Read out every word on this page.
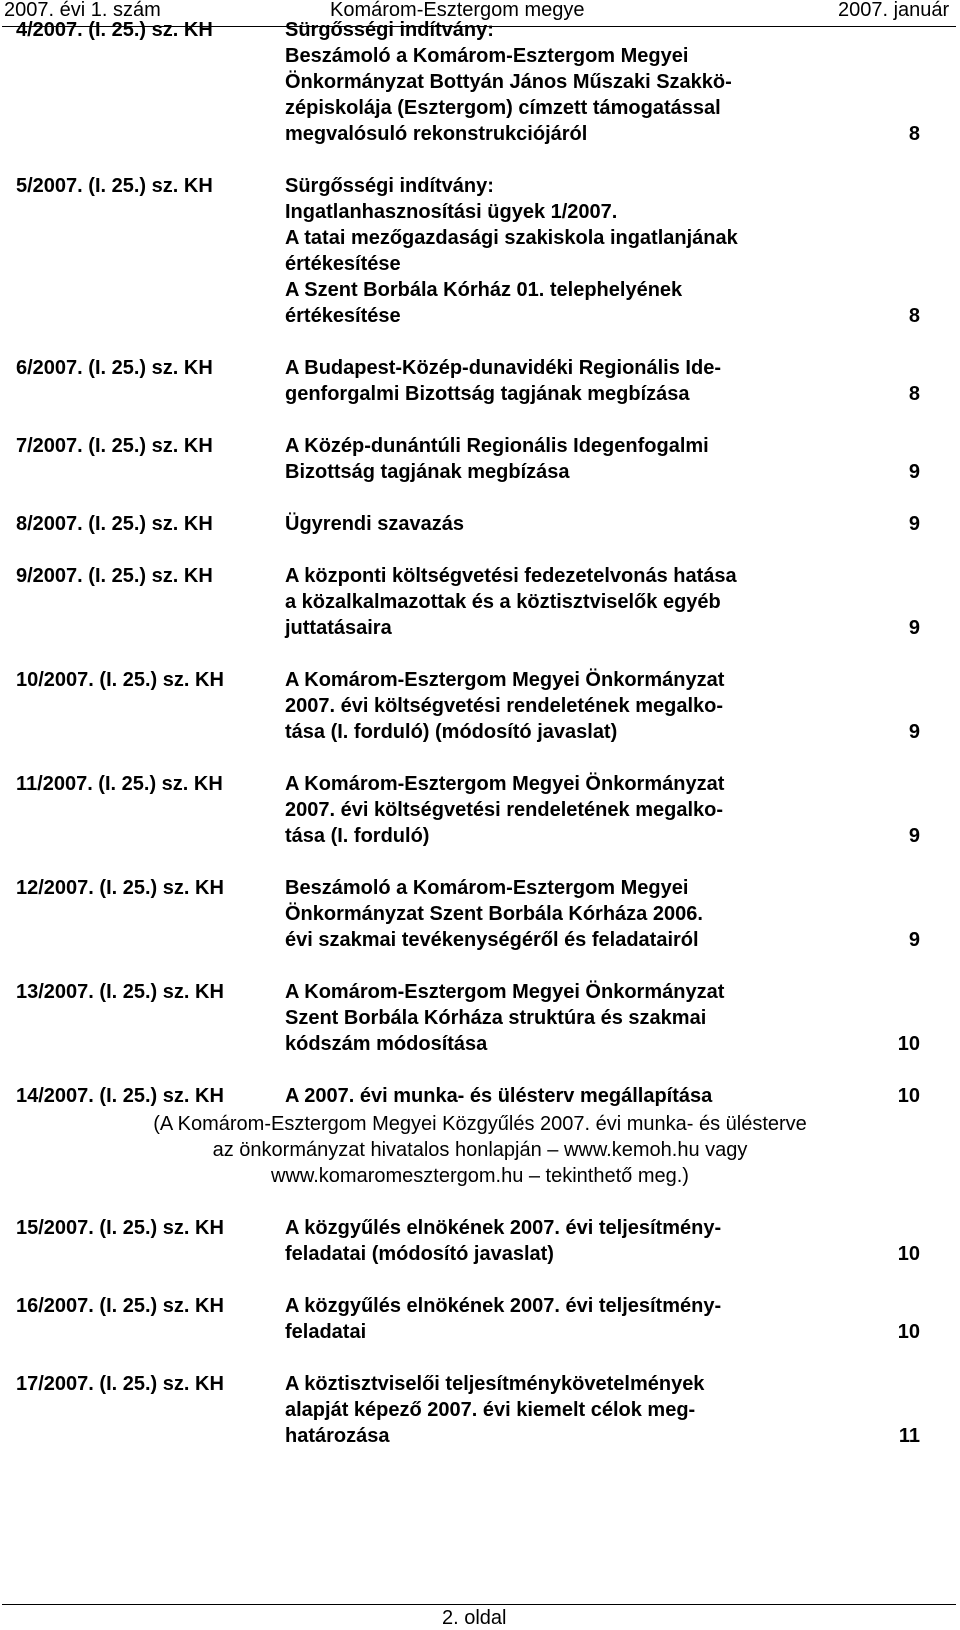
2007. évi 1. szám	Komárom-Esztergom megye	2007. január
4/2007. (I. 25.) sz. KH	Sürgősségi indítvány:
Beszámoló a Komárom-Esztergom Megyei
Önkormányzat Bottyán János Műszaki Szakkö-
zépiskolája (Esztergom) címzett támogatással
megvalósuló rekonstrukciójáról	8
5/2007. (I. 25.) sz. KH	Sürgősségi indítvány:
Ingatlanhasznosítási ügyek 1/2007.
A tatai mezőgazdasági szakiskola ingatlanjának
értékesítése
A Szent Borbála Kórház 01. telephelyének
értékesítése	8
6/2007. (I. 25.) sz. KH	A Budapest-Közép-dunavidéki Regionális Ide-
genforgalmi Bizottság tagjának megbízása	8
7/2007. (I. 25.) sz. KH	A Közép-dunántúli Regionális Idegenfogalmi
Bizottság tagjának megbízása	9
8/2007. (I. 25.) sz. KH	Ügyrendi szavazás	9
9/2007. (I. 25.) sz. KH	A központi költségvetési fedezetelvonás hatása
a közalkalmazottak és a köztisztviselők egyéb
juttatásaira	9
10/2007. (I. 25.) sz. KH	A Komárom-Esztergom Megyei Önkormányzat
2007. évi költségvetési rendeletének megalko-
tása (I. forduló) (módosító javaslat)	9
11/2007. (I. 25.) sz. KH	A Komárom-Esztergom Megyei Önkormányzat
2007. évi költségvetési rendeletének megalko-
tása (I. forduló)	9
12/2007. (I. 25.) sz. KH	Beszámoló a Komárom-Esztergom Megyei
Önkormányzat Szent Borbála Kórháza 2006.
évi szakmai tevékenységéről és feladatairól	9
13/2007. (I. 25.) sz. KH	A Komárom-Esztergom Megyei Önkormányzat
Szent Borbála Kórháza struktúra és szakmai
kódszám módosítása	10
14/2007. (I. 25.) sz. KH	A 2007. évi munka- és ülésterv megállapítása	10
(A Komárom-Esztergom Megyei Közgyűlés 2007. évi munka- és ülésterve
az önkormányzat hivatalos honlapján – www.kemoh.hu vagy
www.komaromesztergom.hu – tekinthető meg.)
15/2007. (I. 25.) sz. KH	A közgyűlés elnökének 2007. évi teljesítmény-
feladatai (módosító javaslat)	10
16/2007. (I. 25.) sz. KH	A közgyűlés elnökének 2007. évi teljesítmény-
feladatai	10
17/2007. (I. 25.) sz. KH	A köztisztviselői teljesítménykövetelmények
alapját képező 2007. évi kiemelt célok meg-
határozása	11
2. oldal
